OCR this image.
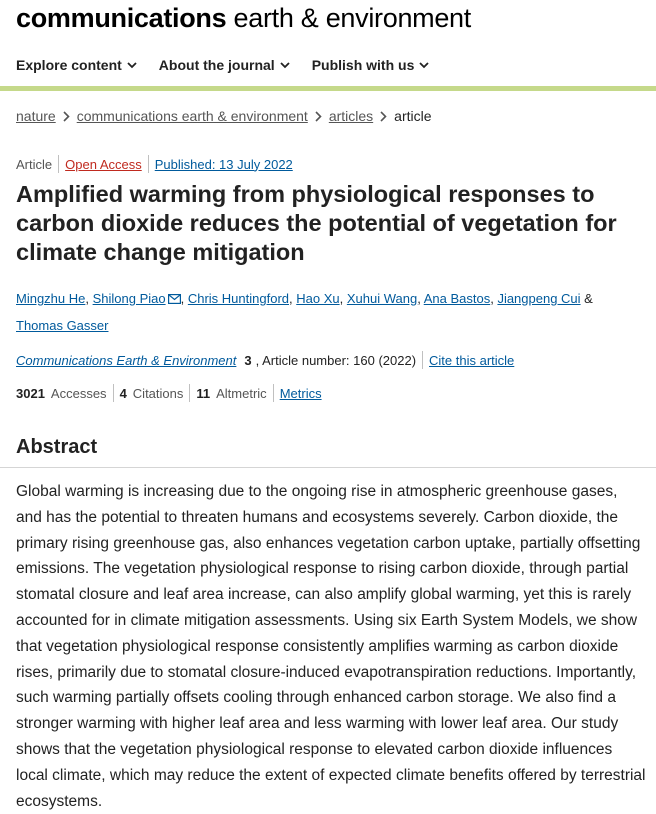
communications earth & environment
Explore content	About the journal	Publish with us
nature communications earth & environment articles article
Article Open Access Published: 13 July 2022
Amplified warming from physiological responses to carbon dioxide reduces the potential of vegetation for climate change mitigation
Mingzhu He, Shilong Piao , Chris Huntingford, Hao Xu, Xuhui Wang, Ana Bastos, Jiangpeng Cui & Thomas Gasser
Communications Earth & Environment 3 , Article number: 160 (2022) Cite this article
3021 Accesses 4 Citations 11 Altmetric Metrics
Abstract

Global warming is increasing due to the ongoing rise in atmospheric greenhouse gases, and has the potential to threaten humans and ecosystems severely. Carbon dioxide, the primary rising greenhouse gas, also enhances vegetation carbon uptake, partially offsetting emissions. The vegetation physiological response to rising carbon dioxide, through partial stomatal closure and leaf area increase, can also amplify global warming, yet this is rarely accounted for in climate mitigation assessments. Using six Earth System Models, we show that vegetation physiological response consistently amplifies warming as carbon dioxide rises, primarily due to stomatal closure-induced evapotranspiration reductions. Importantly, such warming partially offsets cooling through enhanced carbon storage. We also find a stronger warming with higher leaf area and less warming with lower leaf area. Our study shows that the vegetation physiological response to elevated carbon dioxide influences local climate, which may reduce the extent of expected climate benefits offered by terrestrial ecosystems.
